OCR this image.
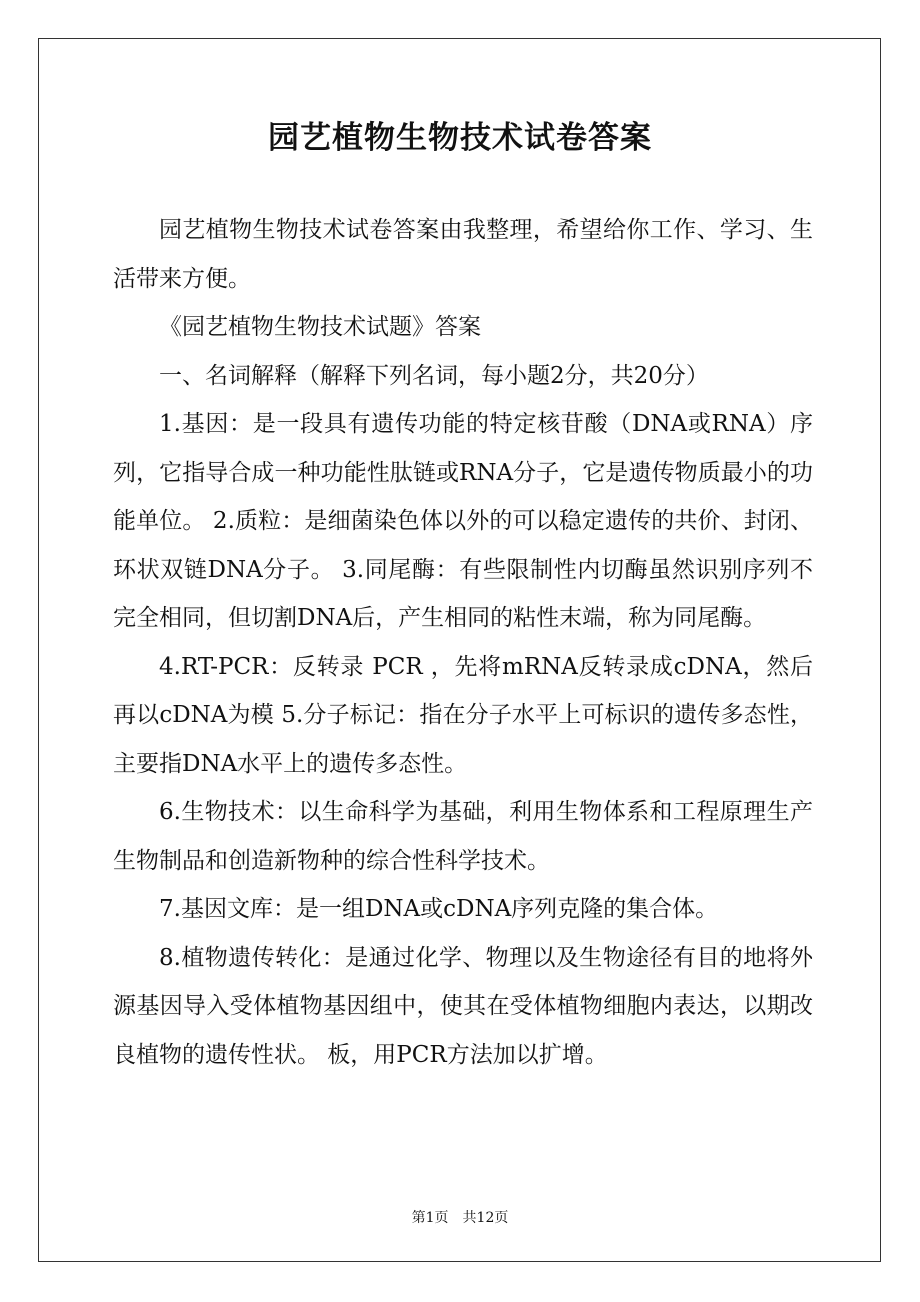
园艺植物生物技术试卷答案

园艺植物生物技术试卷答案由我整理，希望给你工作、学习、生活带来方便。

《园艺植物生物技术试题》答案

一、名词解释（解释下列名词，每小题2分，共20分）

1.基因：是一段具有遗传功能的特定核苷酸（DNA或RNA）序列，它指导合成一种功能性肽链或RNA分子，它是遗传物质最小的功能单位。 2.质粒：是细菌染色体以外的可以稳定遗传的共价、封闭、环状双链DNA分子。 3.同尾酶：有些限制性内切酶虽然识别序列不完全相同，但切割DNA后，产生相同的粘性末端，称为同尾酶。

4.RT-PCR：反转录 PCR ，先将mRNA反转录成cDNA，然后再以cDNA为模 5.分子标记：指在分子水平上可标识的遗传多态性，主要指DNA水平上的遗传多态性。

6.生物技术：以生命科学为基础，利用生物体系和工程原理生产生物制品和创造新物种的综合性科学技术。

7.基因文库：是一组DNA或cDNA序列克隆的集合体。

8.植物遗传转化：是通过化学、物理以及生物途径有目的地将外源基因导入受体植物基因组中，使其在受体植物细胞内表达，以期改良植物的遗传性状。 板，用PCR方法加以扩增。

第1页　共12页
